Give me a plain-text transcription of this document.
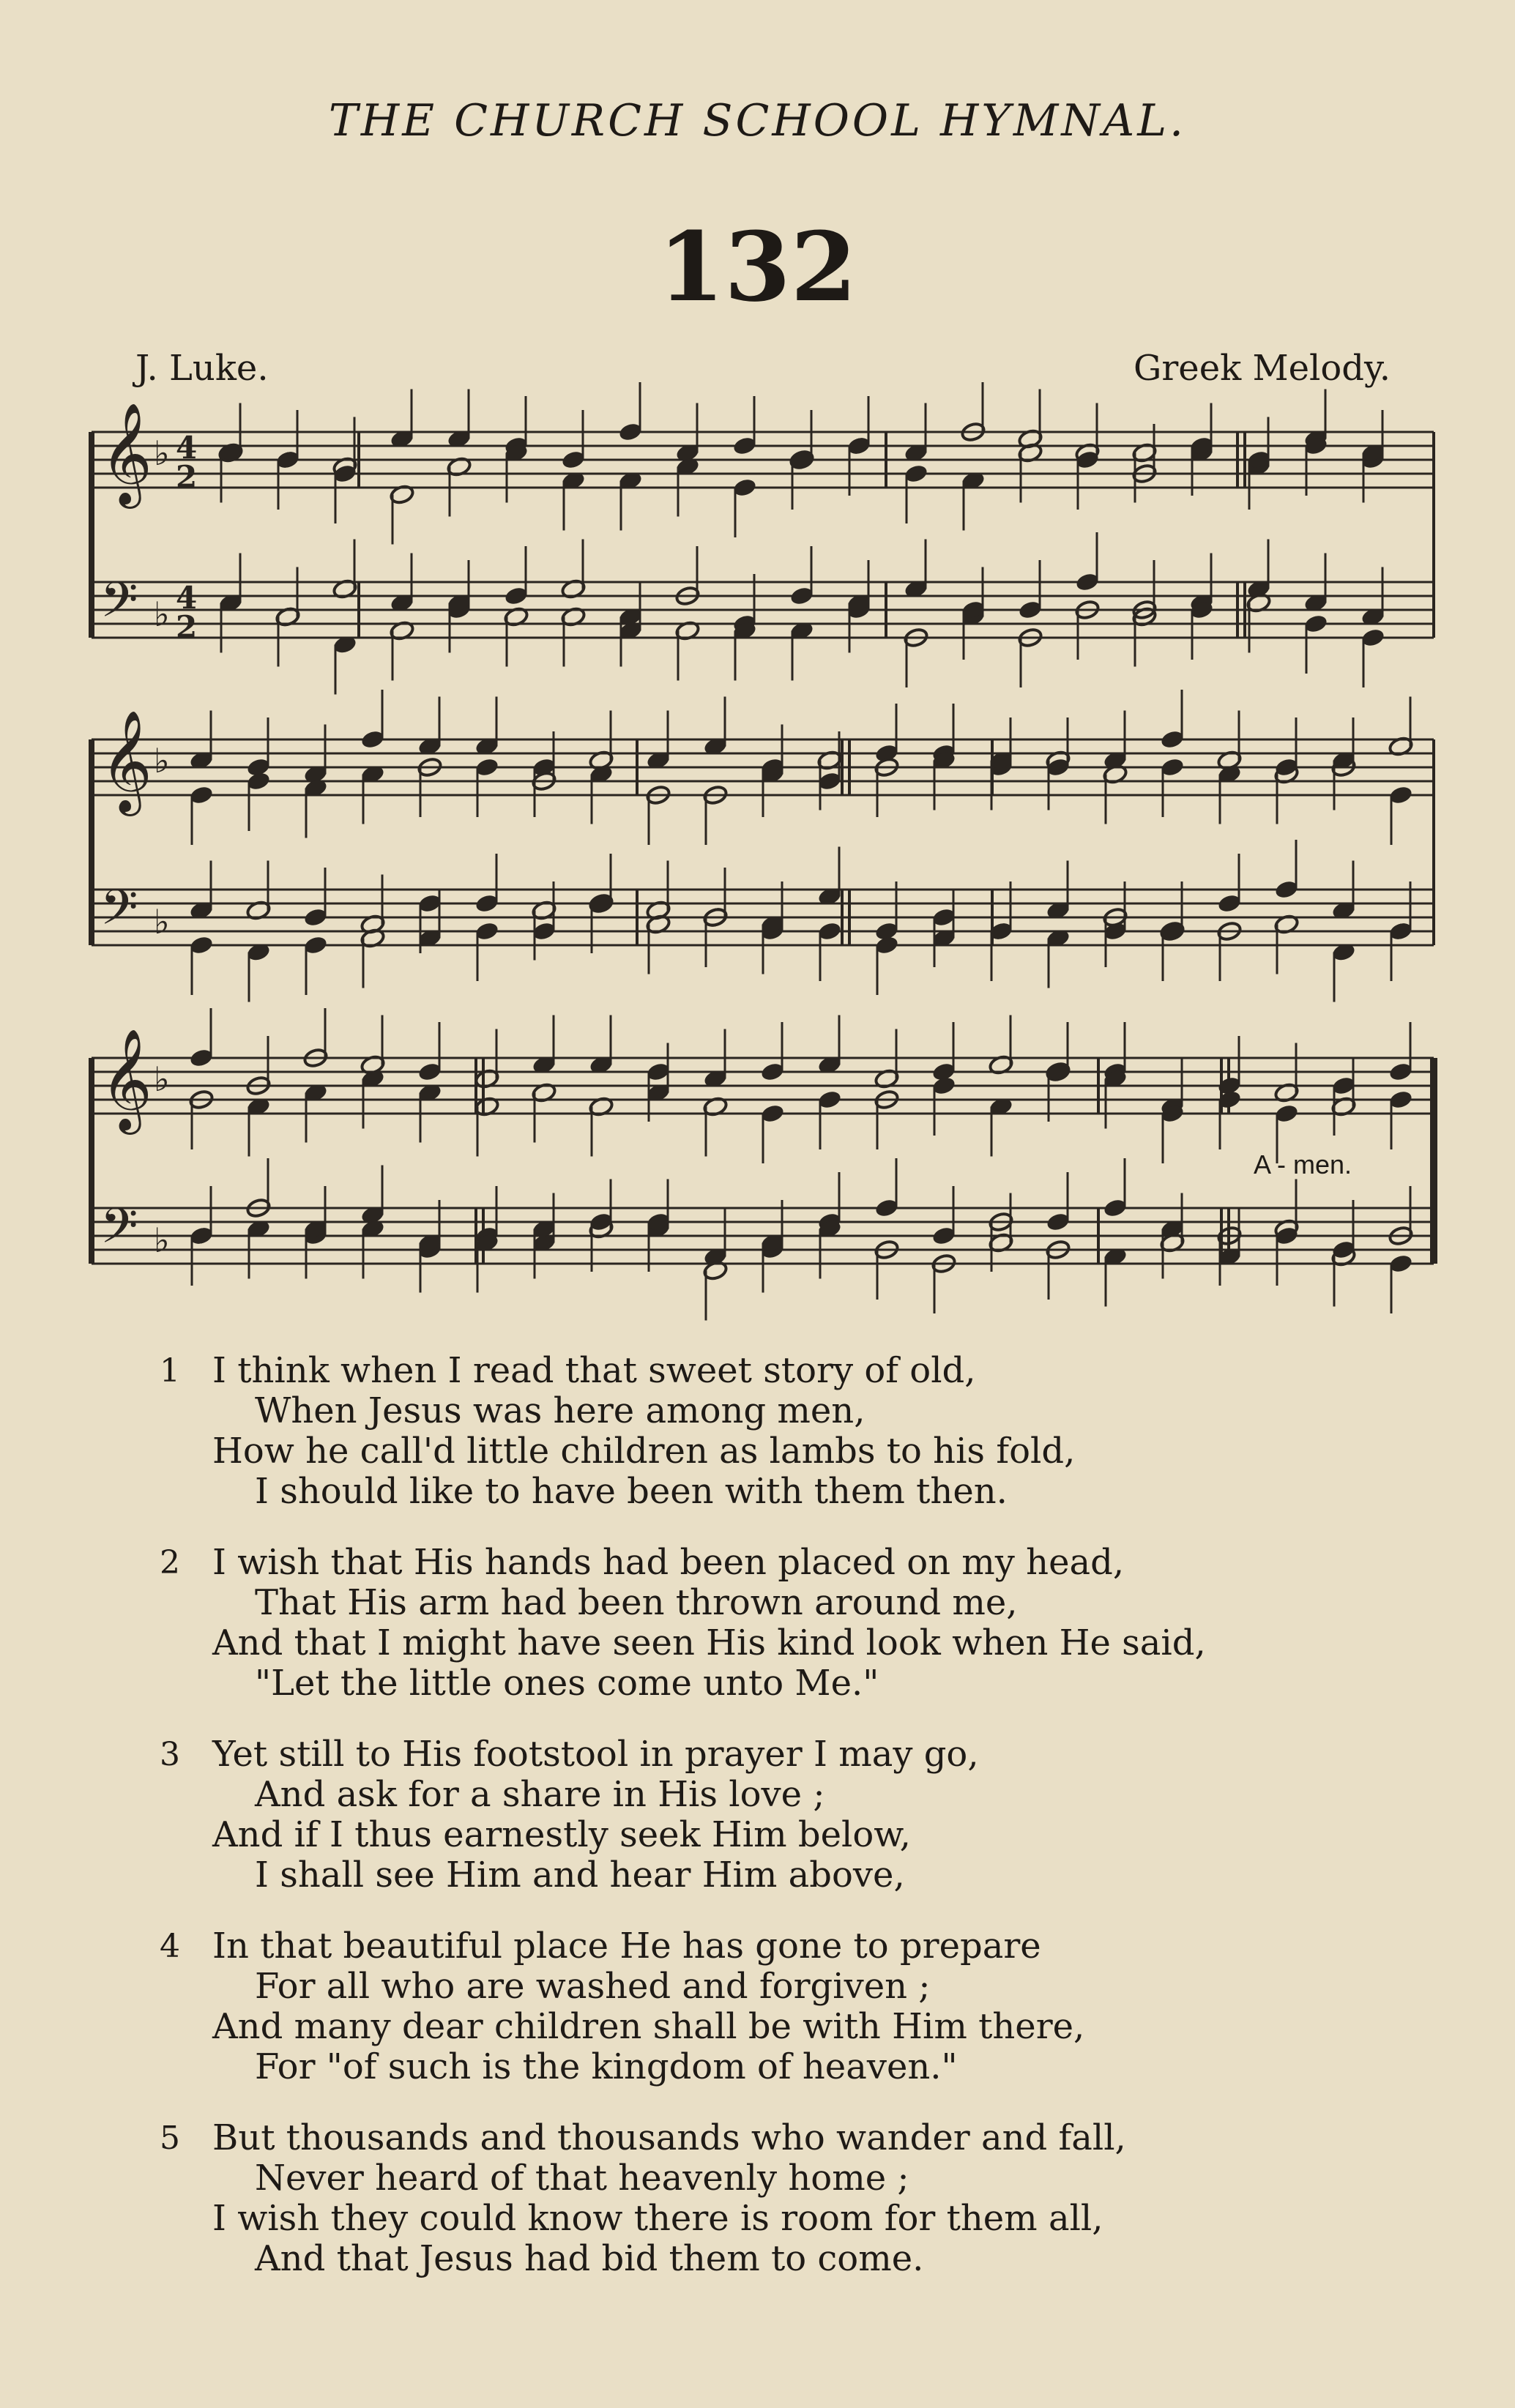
THE CHURCH SCHOOL HYMNAL.
132
J. Luke.	Greek Melody.
𝄞 ♭ 4
2
𝄢 ♭ 4
2
𝄞 ♭
𝄢 ♭
𝄞 ♭
𝄢 ♭
A - men.
1 I think when I read that sweet story of old,
When Jesus was here among men,
How he call'd little children as lambs to his fold,
I should like to have been with them then.
2 I wish that His hands had been placed on my head,
That His arm had been thrown around me,
And that I might have seen His kind look when He said,
"Let the little ones come unto Me."
3 Yet still to His footstool in prayer I may go,
And ask for a share in His love ;
And if I thus earnestly seek Him below,
I shall see Him and hear Him above,
4 In that beautiful place He has gone to prepare
For all who are washed and forgiven ;
And many dear children shall be with Him there,
For "of such is the kingdom of heaven."
5 But thousands and thousands who wander and fall,
Never heard of that heavenly home ;
I wish they could know there is room for them all,
And that Jesus had bid them to come.
